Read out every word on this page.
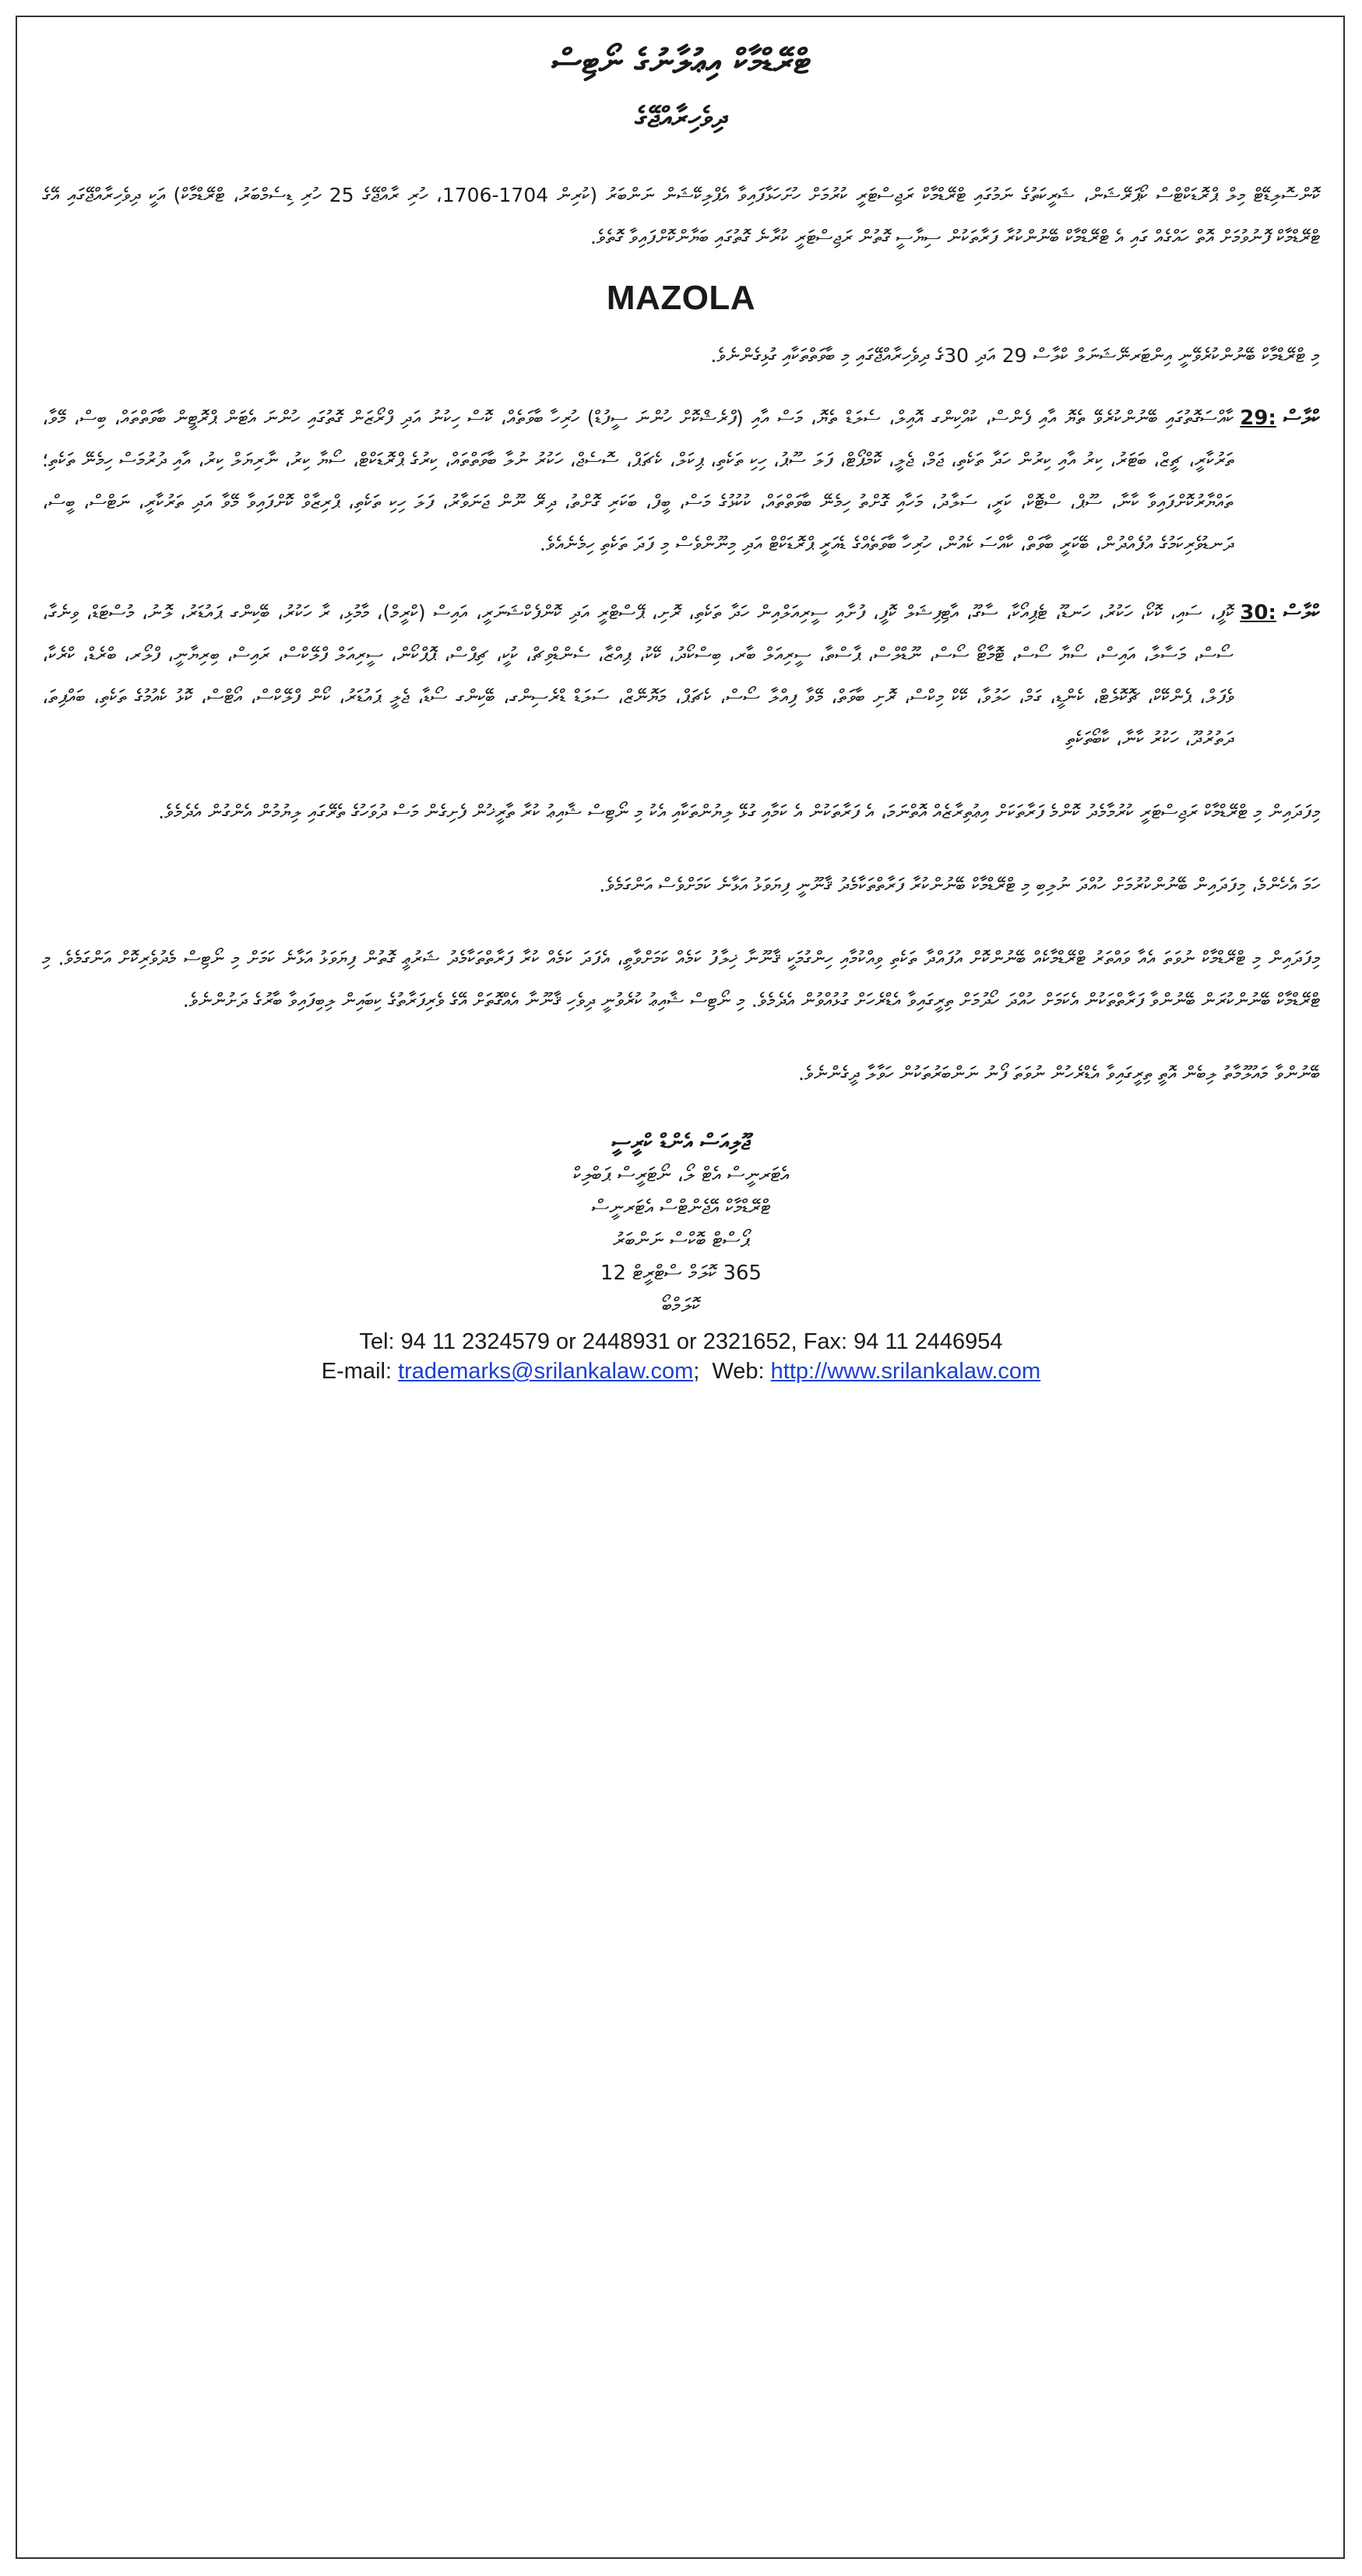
ޓްރޭޑްމާކް އިޢުލާނުގެ ނޯޓިސް
ދިވެހިރާއްޖޭގެ
ކޮންސޮލިޑޭޓް މިލް ޕްރޮޑަކްޓްސް ކޯޕަރޭޝަން، ޝަރީކަތުގެ ނަމުގައި ޓްރޭޑްމާކް ރަޖިސްޓަރީ ކުރުމަށް ހުށަހަޅާފައިވާ އެޕްލިކޭޝަން ނަންބަރު (ކުރިން 1704-1706، ހުރި ރާއްޖޭގެ 25 ހުރި ޑިސެމްބަރު، ޓްރޭޑްމާކް) އަކީ ދިވެހިރާއްޖޭގައި އޭގެ ޓްރޭޑްމާކް ފޮނުވުމަށް އޮތް ހައްގެއް ގައި އެ ޓްރޭޑްމާކް ބޭނުންކުރާ ފަރާތަކުން ސިޔާސީ ގޮތުން ރަޖިސްޓަރީ ކުރާނެ ގޮތުގައި ބަޔާންކޮށްފައިވާ ގޮތެވެ.
MAZOLA
މި ޓްރޭޑްމާކް ބޭނުންކުރެވޭނީ އިންޓަރނޭޝަނަލް ކްލާސް 29 އަދި 30ގެ ދިވެހިރާއްޖޭގައި މި ބާވަތްތަކާއި ގުޅިގެންނެވެ.
ކްލާސް 29:
ކާއްސަގޮތުގައި ބޭނުންކުރެވޭ ތެޔޮ އާއި ފެންސް، ކުއްކިންގ އޮއިލް، ސެލަޑް ތެޔޮ، މަސް އާއި (ފްރެޝްކޮށް ހުންނަ ސީފުޑް) ހުރިހާ ބާވަތެއް، ކޮސް ހިކުނު އަދި ފްރޯޒަން ގޮތުގައި ހުންނަ އެޓަން ޕްރޮޓީން ބާވަތްތައް، ބިސް، މޭވާ، ތަރުކާރީ، ޗީޒް، ބަޓަރު، ކިރު އާއި ކިރުން ހަދާ ތަކެތި، ޖަމް، ޖެލީ، ކޮމްޕޯޓް، ފަލަ ސޫޕު، ހިކި ތަކެތި، ޕިކަލް، ކެޗަޕް، ސޮސެޖް، ހަކުރު ނުލާ ބާވަތްތައް، ކިރުގެ ޕްރޮޑަކްޓް، ސޯޔާ ކިރު، ނާރިޔަލް ކިރު، އާއި ދުރުމަސް ހިމެނޭ ތަކެތި؛ ތައްޔާރުކޮށްފައިވާ ކާނާ، ސޫޕް، ސްޓޮކް، ކަރީ، ސަލާދު، މަހާއި ގޮށްތު ހިމެނޭ ބާވަތްތައް، ކުކުޅުގެ މަސް، ބީފް، ބަކަރި ގޮށްތު، ދިރޭ ނޫން ޖަނަވާރު، ފަލަ ހިކި ތަކެތި، ޕްރިޒާވް ކޮށްފައިވާ މޭވާ އަދި ތަރުކާރީ، ނަޓްސް، ބީސް، ދަނޑުވެރިކަމުގެ އުފެއްދުން، ބޭކަރީ ބާވަތް، ކާއްސަ ކެއުން، ހުރިހާ ބާވަތެއްގެ ޑެއަރީ ޕްރޮޑަކްޓް އަދި މިނޫންވެސް މި ފަދަ ތަކެތި ހިމެނެއެވެ.
ކްލާސް 30:
ކޮފީ، ސައި، ކޮކޯ، ހަކުރު، ހަނޑޫ، ޓެޕިއޯކާ، ސާގޫ، އާޓިފިޝަލް ކޮފީ، ފުށާއި ސީރިއަލްއިން ހަދާ ތަކެތި، ރޮށި، ޕޭސްޓްރީ އަދި ކޮންފެކްޝަނަރީ، އައިސް (ކްރީމް)، މާމުޅި، ރާ ހަކުރު، ބޭކިންގ ޕައުޑަރު، ލޮނު، މުސްޓަޑް، ވިނެގާ، ސޯސް، މަސާލާ، އައިސް، ސޯޔާ ސޯސް، ޓޮމާޓޯ ސޯސް، ނޫޑްލްސް، ޕާސްތާ، ސީރިއަލް ބާރ، ބިސްކޯދު، ކޭކު، ޕިއްޒާ، ސެންޑްވިޗް، ކުކީ، ޗިޕްސް، ޕޮޕްކޯން، ސީރިއަލް ފްލޭކްސް، ރައިސް، ބިރިޔާނީ، ފްލޯރ، ބްރެޑް، ކްރެކާ، ވެފަލް، ޕެންކޭކް، ޗޮކޮލެޓް، ކެންޑީ، ގަމް، ހަލުވާ، ކޭކް މިކްސް، ރޮށި ބާވަތް، މޭވާ ފިއްލާ ސޯސް، ކެޗަޕް، މަޔޮނޭޒް، ސަލަޑް ޑްރެސިންގ، ބޭކިންގ ސޯޑާ، ޖެލީ ޕައުޑަރު، ކޯން ފްލޭކްސް، އޯޓްސް، ކޮޅު ކެއުމުގެ ތަކެތި، ބައްޕިތަ، ދަތުރުދޫ، ހަކުރު ކާނާ، ކާބޯތަކެތި
މިފަދައިން މި ޓްރޭޑްމާކް ރަޖިސްޓަރީ ކުރުމާމެދު ކޮންމެ ފަރާތަކަށް އިޢުތިރާޒެއް އޮތްނަމަ، އެ ފަރާތަކުން އެ ކަމާއި ގުޅޭ ލިޔުންތަކާއި އެކު މި ނޯޓިސް ޝާއިޢު ކުރާ ތާރީޚުން ފެށިގެން މަސް ދުވަހުގެ ތެރޭގައި ލިޔުމުން އެންގުން އެދެމެވެ.
ހަމަ އެހެންމެ، މިފަދައިން ބޭނުންކުރުމަށް ހުއްދަ ނުލިބި މި ޓްރޭޑްމާކް ބޭނުންކުރާ ފަރާތްތަކާމެދު ޤާނޫނީ ފިޔަވަޅު އަޅާނެ ކަމަށްވެސް އަންގަމެވެ.
މިފަދައިން މި ޓްރޭޑްމާކް ނުވަތަ އެއާ ވައްތަރު ޓްރޭޑްމާކެއް ބޭނުންކޮށް އުފައްދާ ތަކެތި ވިއްކުމާއި ހިންގުމަކީ ޤާނޫނާ ޚިލާފު ކަމެއް ކަމަށްވާތީ، އެފަދަ ކަމެއް ކުރާ ފަރާތްތަކާމެދު ޝަރުޢީ ގޮތުން ފިޔަވަޅު އަޅާނެ ކަމަށް މި ނޯޓިސް މެދުވެރިކޮށް އަންގަމެވެ. މި ޓްރޭޑްމާކް ބޭނުންކުރަން ބޭނުންވާ ފަރާތްތަކުން އެކަމަށް ހުއްދަ ހޯދުމަށް ތިރީގައިވާ އެޑްރެހަށް ގުޅުއްވުން އެދެމެވެ. މި ނޯޓިސް ޝާއިޢު ކުރެވުނީ ދިވެހި ޤާނޫނާ އެއްގޮތަށް އޭގެ ވެރިފަރާތުގެ ކިބައިން ލިބިފައިވާ ބާރުގެ ދަށުންނެވެ.
ބޭނުންވާ މައުލޫމާތު ލިބެން އޮތީ ތިރީގައިވާ އެޑްރެހުން ނުވަތަ ފޯނު ނަންބަރުތަކުން ހަވާލާ ދީގެންނެވެ.
ޖޫލިއަސް އެންޑް ކްރީސީ
އެޓަރނީސް އެޓް ލޯ، ނޯޓަރީސް ޕަބްލިކް
ޓްރޭޑްމާކް އޭޖެންޓްސް އެޓަރނީސް
ޕޯސްޓް ބޮކްސް ނަންބަރު
365 ކޮލަމް ސްޓްރީޓް 12
ކޮލަމްބޯ
Tel: 94 11 2324579 or 2448931 or 2321652, Fax: 94 11 2446954
E-mail: trademarks@srilankalaw.com;  Web: http://www.srilankalaw.com
